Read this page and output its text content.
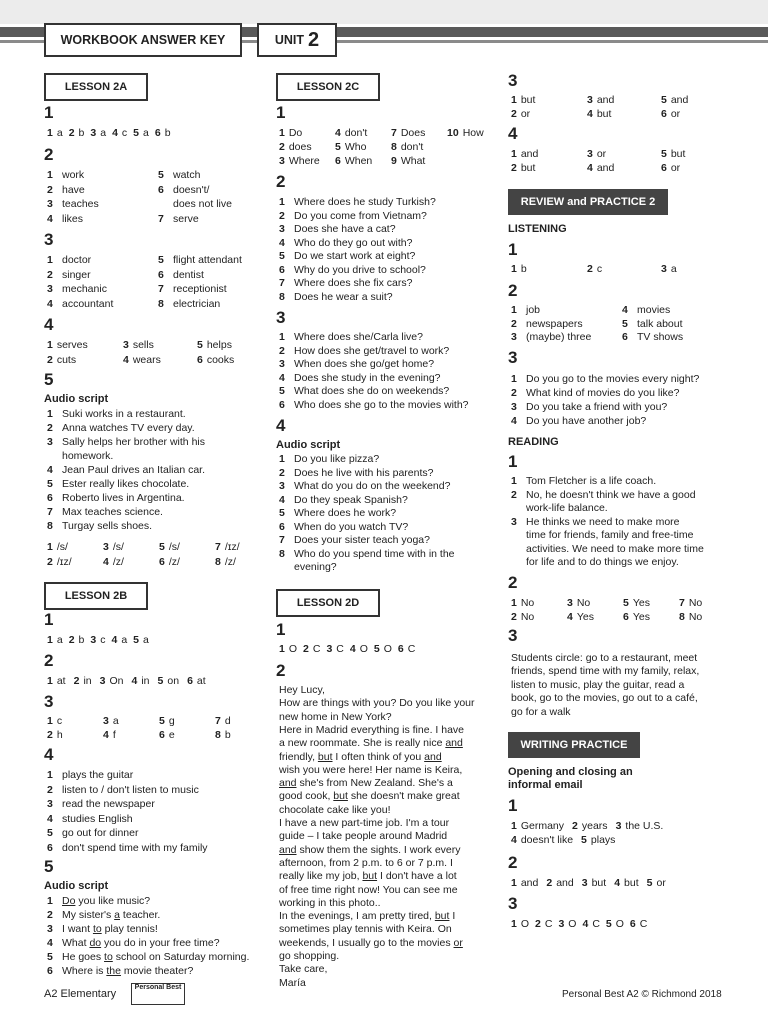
WORKBOOK ANSWER KEY	UNIT 2
LESSON 2A
1
1 a 2 b 3 a 4 c 5 a 6 b
2
1 work
2 have
3 teaches
4 likes
5 watch
6 doesn't/
does not live
7 serve
3
1 doctor
2 singer
3 mechanic
4 accountant
5 flight attendant
6 dentist
7 receptionist
8 electrician
4
1 serves	3 sells	5 helps
2 cuts	4 wears	6 cooks
5
Audio script
1 Suki works in a restaurant.
2 Anna watches TV every day.
3 Sally helps her brother with his
homework.
4 Jean Paul drives an Italian car.
5 Ester really likes chocolate.
6 Roberto lives in Argentina.
7 Max teaches science.
8 Turgay sells shoes.
1 /s/	3 /s/	5 /s/	7 /ɪz/
2 /ɪz/	4 /z/	6 /z/	8 /z/
LESSON 2B
1
1 a 2 b 3 c 4 a 5 a
2
1 at 2 in 3 On 4 in 5 on 6 at
3
1 c	3 a	5 g	7 d
2 h	4 f	6 e	8 b
4
1 plays the guitar
2 listen to / don't listen to music
3 read the newspaper
4 studies English
5 go out for dinner
6 don't spend time with my family
5
Audio script
1 Do you like music?
2 My sister's a teacher.
3 I want to play tennis!
4 What do you do in your free time?
5 He goes to school on Saturday morning.
6 Where is the movie theater?
LESSON 2C
1
1 Do	4 don't 7 Does 10 How
2 does 5 Who 8 don't
3 Where 6 When 9 What
2
1 Where does he study Turkish?
2 Do you come from Vietnam?
3 Does she have a cat?
4 Who do they go out with?
5 Do we start work at eight?
6 Why do you drive to school?
7 Where does she fix cars?
8 Does he wear a suit?
3
1 Where does she/Carla live?
2 How does she get/travel to work?
3 When does she go/get home?
4 Does she study in the evening?
5 What does she do on weekends?
6 Who does she go to the movies with?
4
Audio script
1 Do you like pizza?
2 Does he live with his parents?
3 What do you do on the weekend?
4 Do they speak Spanish?
5 Where does he work?
6 When do you watch TV?
7 Does your sister teach yoga?
8 Who do you spend time with in the
evening?
LESSON 2D
1
1 O 2 C 3 C 4 O 5 O 6 C
2
Hey Lucy,
How are things with you? Do you like your
new home in New York?
Here in Madrid everything is fine. I have
a new roommate. She is really nice and
friendly, but I often think of you and
wish you were here! Her name is Keira,
and she's from New Zealand. She's a
good cook, but she doesn't make great
chocolate cake like you!
I have a new part-time job. I'm a tour
guide – I take people around Madrid
and show them the sights. I work every
afternoon, from 2 p.m. to 6 or 7 p.m. I
really like my job, but I don't have a lot
of free time right now! You can see me
working in this photo..
In the evenings, I am pretty tired, but I
sometimes play tennis with Keira. On
weekends, I usually go to the movies or
go shopping.
Take care,
María
3
1 but	3 and	5 and
2 or	4 but	6 or
4
1 and	3 or	5 but
2 but	4 and	6 or
REVIEW and PRACTICE 2
LISTENING
1
1 b	2 c	3 a
2
1 job
2 newspapers
3 (maybe) three
4 movies
5 talk about
6 TV shows
3
1 Do you go to the movies every night?
2 What kind of movies do you like?
3 Do you take a friend with you?
4 Do you have another job?
READING
1
1 Tom Fletcher is a life coach.
2 No, he doesn't think we have a good
work-life balance.
3 He thinks we need to make more
time for friends, family and free-time
activities. We need to make more time
for life and to do things we enjoy.
2
1 No	3 No	5 Yes	7 No
2 No	4 Yes	6 Yes	8 No
3
Students circle: go to a restaurant, meet
friends, spend time with my family, relax,
listen to music, play the guitar, read a
book, go to the movies, go out to a café,
go for a walk
WRITING PRACTICE
Opening and closing an
informal email
1
1 Germany 2 years 3 the U.S.
4 doesn't like 5 plays
2
1 and 2 and 3 but 4 but 5 or
3
1 O 2 C 3 O 4 C 5 O 6 C
A2 Elementary
Personal Best
Personal Best A2 © Richmond 2018
